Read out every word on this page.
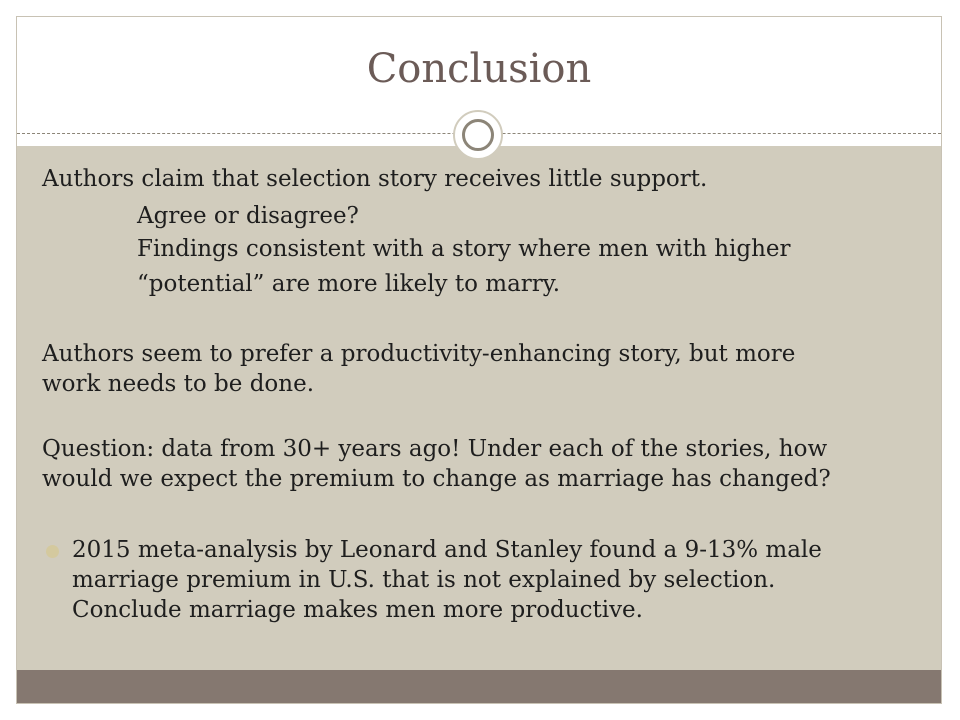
Conclusion
Authors claim that selection story receives little support.
Agree or disagree?
Findings consistent with a story where men with higher
“potential” are more likely to marry.
Authors seem to prefer a productivity-enhancing story, but more
work needs to be done.
Question: data from 30+ years ago! Under each of the stories, how
would we expect the premium to change as marriage has changed?
2015 meta-analysis by Leonard and Stanley found a 9-13% male
marriage premium in U.S. that is not explained by selection.
Conclude marriage makes men more productive.
